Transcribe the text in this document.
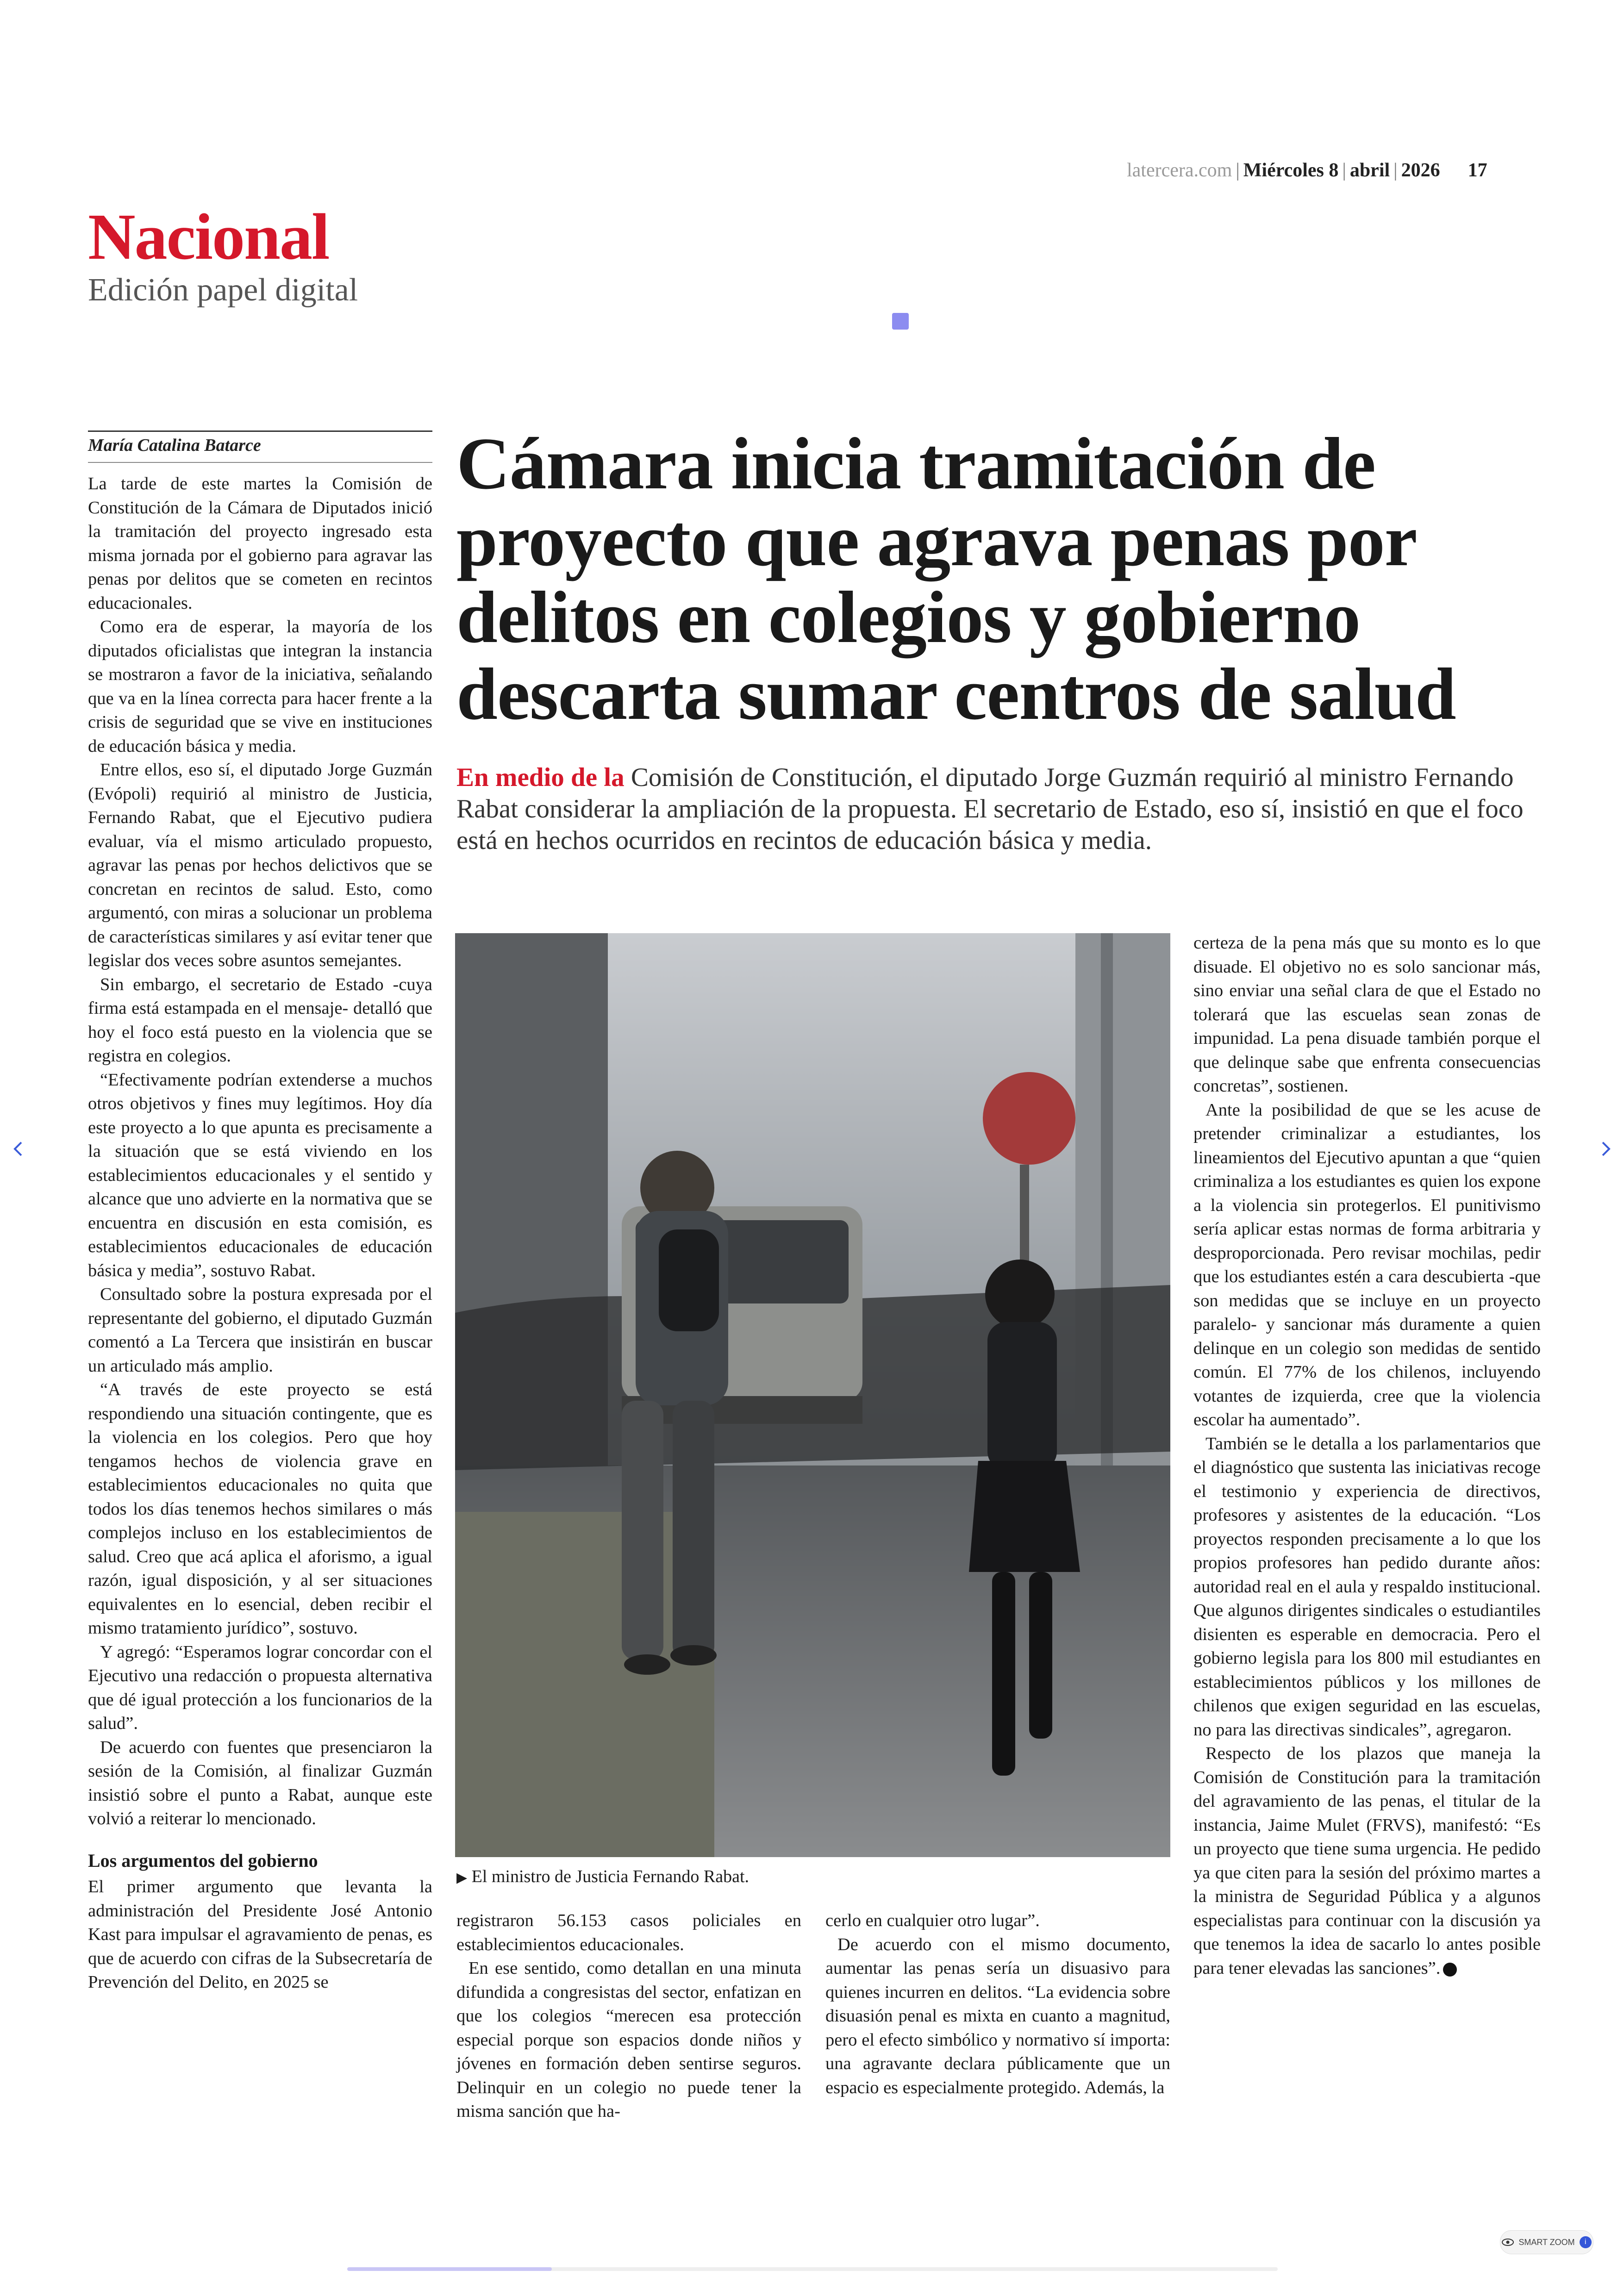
latercera.com | Miércoles 8 | abril | 2026 17
Nacional
Edición papel digital
María Catalina Batarce

La tarde de este martes la Comisión de Constitución de la Cámara de Diputados inició la tramitación del proyecto ingresado esta misma jornada por el gobierno para agravar las penas por delitos que se cometen en recintos educacionales.

Como era de esperar, la mayoría de los diputados oficialistas que integran la instancia se mostraron a favor de la iniciativa, señalando que va en la línea correcta para hacer frente a la crisis de seguridad que se vive en instituciones de educación básica y media.

Entre ellos, eso sí, el diputado Jorge Guzmán (Evópoli) requirió al ministro de Justicia, Fernando Rabat, que el Ejecutivo pudiera evaluar, vía el mismo articulado propuesto, agravar las penas por hechos delictivos que se concretan en recintos de salud. Esto, como argumentó, con miras a solucionar un problema de características similares y así evitar tener que legislar dos veces sobre asuntos semejantes.

Sin embargo, el secretario de Estado -cuya firma está estampada en el mensaje- detalló que hoy el foco está puesto en la violencia que se registra en colegios.

“Efectivamente podrían extenderse a muchos otros objetivos y fines muy legítimos. Hoy día este proyecto a lo que apunta es precisamente a la situación que se está viviendo en los establecimientos educacionales y el sentido y alcance que uno advierte en la normativa que se encuentra en discusión en esta comisión, es establecimientos educacionales de educación básica y media”, sostuvo Rabat.

Consultado sobre la postura expresada por el representante del gobierno, el diputado Guzmán comentó a La Tercera que insistirán en buscar un articulado más amplio.

“A través de este proyecto se está respondiendo una situación contingente, que es la violencia en los colegios. Pero que hoy tengamos hechos de violencia grave en establecimientos educacionales no quita que todos los días tenemos hechos similares o más complejos incluso en los establecimientos de salud. Creo que acá aplica el aforismo, a igual razón, igual disposición, y al ser situaciones equivalentes en lo esencial, deben recibir el mismo tratamiento jurídico”, sostuvo.

Y agregó: “Esperamos lograr concordar con el Ejecutivo una redacción o propuesta alternativa que dé igual protección a los funcionarios de la salud”.

De acuerdo con fuentes que presenciaron la sesión de la Comisión, al finalizar Guzmán insistió sobre el punto a Rabat, aunque este volvió a reiterar lo mencionado.

Los argumentos del gobierno

El primer argumento que levanta la administración del Presidente José Antonio Kast para impulsar el agravamiento de penas, es que de acuerdo con cifras de la Subsecretaría de Prevención del Delito, en 2025 se

Cámara inicia tramitación de proyecto que agrava penas por delitos en colegios y gobierno descarta sumar centros de salud
En medio de la Comisión de Constitución, el diputado Jorge Guzmán requirió al ministro Fernando Rabat considerar la ampliación de la propuesta. El secretario de Estado, eso sí, insistió en que el foco está en hechos ocurridos en recintos de educación básica y media.
▶ El ministro de Justicia Fernando Rabat.

registraron 56.153 casos policiales en establecimientos educacionales.

En ese sentido, como detallan en una minuta difundida a congresistas del sector, enfatizan en que los colegios “merecen esa protección especial porque son espacios donde niños y jóvenes en formación deben sentirse seguros. Delinquir en un colegio no puede tener la misma sanción que ha-

cerlo en cualquier otro lugar”.

De acuerdo con el mismo documento, aumentar las penas sería un disuasivo para quienes incurren en delitos. “La evidencia sobre disuasión penal es mixta en cuanto a magnitud, pero el efecto simbólico y normativo sí importa: una agravante declara públicamente que un espacio es especialmente protegido. Además, la

certeza de la pena más que su monto es lo que disuade. El objetivo no es solo sancionar más, sino enviar una señal clara de que el Estado no tolerará que las escuelas sean zonas de impunidad. La pena disuade también porque el que delinque sabe que enfrenta consecuencias concretas”, sostienen.

Ante la posibilidad de que se les acuse de pretender criminalizar a estudiantes, los lineamientos del Ejecutivo apuntan a que “quien criminaliza a los estudiantes es quien los expone a la violencia sin protegerlos. El punitivismo sería aplicar estas normas de forma arbitraria y desproporcionada. Pero revisar mochilas, pedir que los estudiantes estén a cara descubierta -que son medidas que se incluye en un proyecto paralelo- y sancionar más duramente a quien delinque en un colegio son medidas de sentido común. El 77% de los chilenos, incluyendo votantes de izquierda, cree que la violencia escolar ha aumentado”.

También se le detalla a los parlamentarios que el diagnóstico que sustenta las iniciativas recoge el testimonio y experiencia de directivos, profesores y asistentes de la educación. “Los proyectos responden precisamente a lo que los propios profesores han pedido durante años: autoridad real en el aula y respaldo institucional. Que algunos dirigentes sindicales o estudiantiles disienten es esperable en democracia. Pero el gobierno legisla para los 800 mil estudiantes en establecimientos públicos y los millones de chilenos que exigen seguridad en las escuelas, no para las directivas sindicales”, agregaron.

Respecto de los plazos que maneja la Comisión de Constitución para la tramitación del agravamiento de las penas, el titular de la instancia, Jaime Mulet (FRVS), manifestó: “Es un proyecto que tiene suma urgencia. He pedido ya que citen para la sesión del próximo martes a la ministra de Seguridad Pública y a algunos especialistas para continuar con la discusión ya que tenemos la idea de sacarlo lo antes posible para tener elevadas las sanciones”.

SMART ZOOM	i
